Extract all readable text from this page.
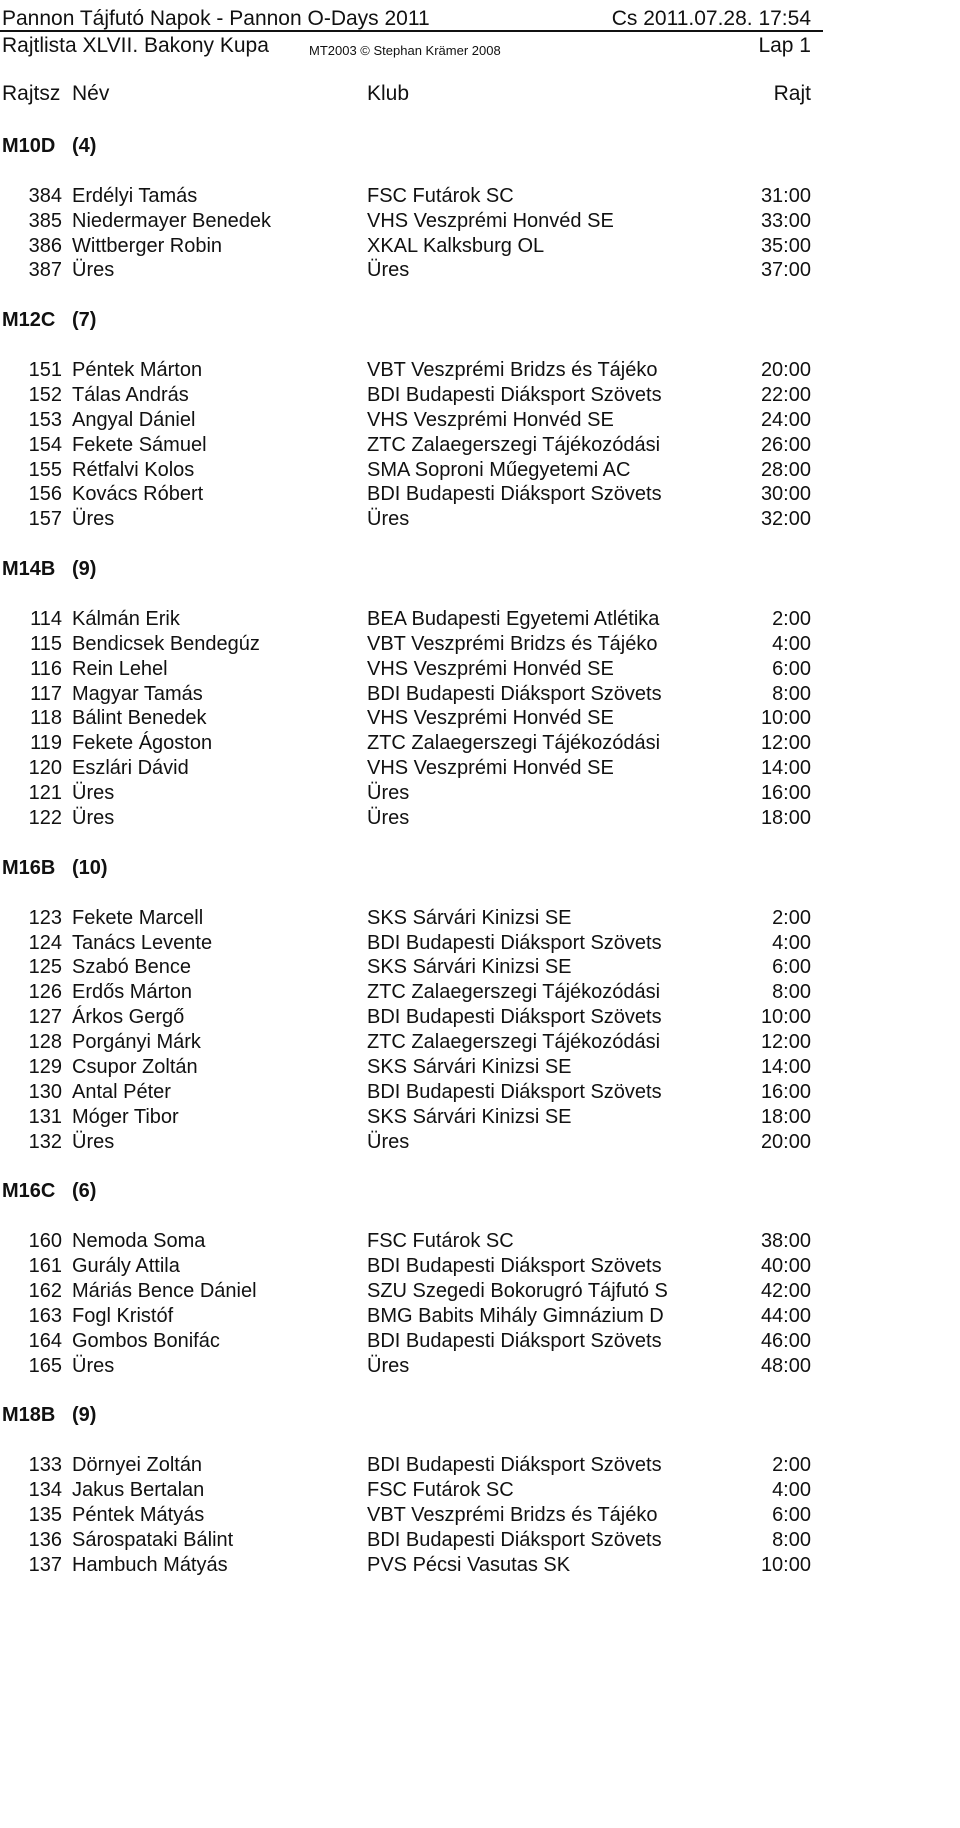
Pannon Tájfutó Napok - Pannon O-Days 2011	Cs 2011.07.28. 17:54
Rajtlista XLVII. Bakony Kupa	MT2003 © Stephan Krämer 2008	Lap 1
Rajtsz Név	Klub	Rajt
M10D (4)
384 Erdélyi Tamás	FSC Futárok SC	31:00
385 Niedermayer Benedek	VHS Veszprémi Honvéd SE	33:00
386 Wittberger Robin	XKAL Kalksburg OL	35:00
387 Üres	Üres	37:00
M12C (7)
151 Péntek Márton	VBT Veszprémi Bridzs és Tájéko	20:00
152 Tálas András	BDI Budapesti Diáksport Szövets	22:00
153 Angyal Dániel	VHS Veszprémi Honvéd SE	24:00
154 Fekete Sámuel	ZTC Zalaegerszegi Tájékozódási	26:00
155 Rétfalvi Kolos	SMA Soproni Műegyetemi AC	28:00
156 Kovács Róbert	BDI Budapesti Diáksport Szövets	30:00
157 Üres	Üres	32:00
M14B (9)
114 Kálmán Erik	BEA Budapesti Egyetemi Atlétika	2:00
115 Bendicsek Bendegúz	VBT Veszprémi Bridzs és Tájéko	4:00
116 Rein Lehel	VHS Veszprémi Honvéd SE	6:00
117 Magyar Tamás	BDI Budapesti Diáksport Szövets	8:00
118 Bálint Benedek	VHS Veszprémi Honvéd SE	10:00
119 Fekete Ágoston	ZTC Zalaegerszegi Tájékozódási	12:00
120 Eszlári Dávid	VHS Veszprémi Honvéd SE	14:00
121 Üres	Üres	16:00
122 Üres	Üres	18:00
M16B (10)
123 Fekete Marcell	SKS Sárvári Kinizsi SE	2:00
124 Tanács Levente	BDI Budapesti Diáksport Szövets	4:00
125 Szabó Bence	SKS Sárvári Kinizsi SE	6:00
126 Erdős Márton	ZTC Zalaegerszegi Tájékozódási	8:00
127 Árkos Gergő	BDI Budapesti Diáksport Szövets	10:00
128 Porgányi Márk	ZTC Zalaegerszegi Tájékozódási	12:00
129 Csupor Zoltán	SKS Sárvári Kinizsi SE	14:00
130 Antal Péter	BDI Budapesti Diáksport Szövets	16:00
131 Móger Tibor	SKS Sárvári Kinizsi SE	18:00
132 Üres	Üres	20:00
M16C (6)
160 Nemoda Soma	FSC Futárok SC	38:00
161 Gurály Attila	BDI Budapesti Diáksport Szövets	40:00
162 Máriás Bence Dániel	SZU Szegedi Bokorugró Tájfutó S	42:00
163 Fogl Kristóf	BMG Babits Mihály Gimnázium D	44:00
164 Gombos Bonifác	BDI Budapesti Diáksport Szövets	46:00
165 Üres	Üres	48:00
M18B (9)
133 Dörnyei Zoltán	BDI Budapesti Diáksport Szövets	2:00
134 Jakus Bertalan	FSC Futárok SC	4:00
135 Péntek Mátyás	VBT Veszprémi Bridzs és Tájéko	6:00
136 Sárospataki Bálint	BDI Budapesti Diáksport Szövets	8:00
137 Hambuch Mátyás	PVS Pécsi Vasutas SK	10:00
